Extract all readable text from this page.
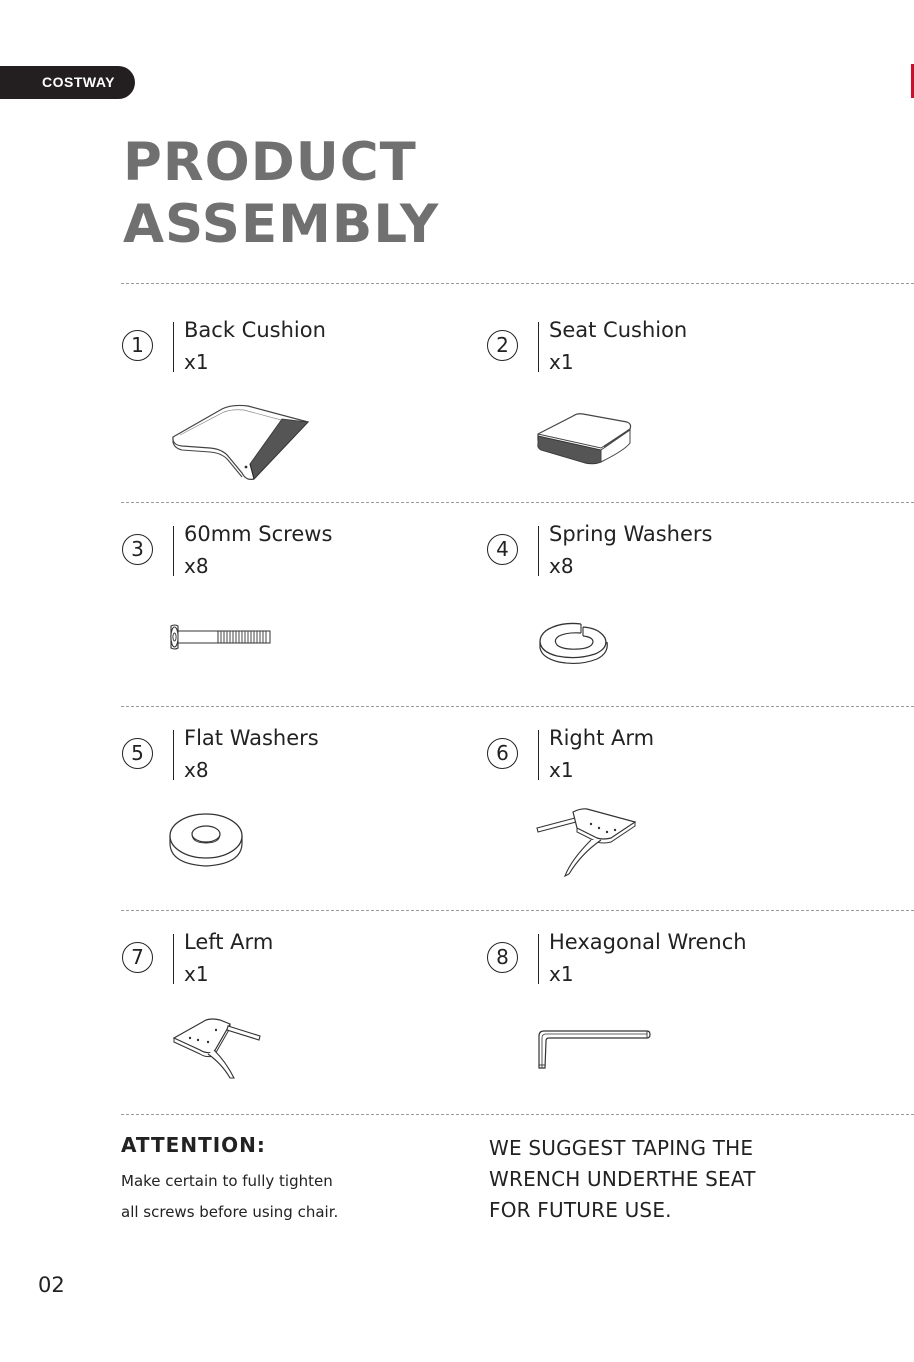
COSTWAY
PRODUCT
ASSEMBLY
1
Back Cushion
x1
2
Seat Cushion
x1
3
60mm Screws
x8
4
Spring Washers
x8
5
Flat Washers
x8
6
Right Arm
x1
7
Left Arm
x1
8
Hexagonal Wrench
x1
ATTENTION:
Make certain to fully tighten
all screws before using chair.
WE SUGGEST TAPING THE
WRENCH UNDERTHE SEAT
FOR FUTURE USE.
02
